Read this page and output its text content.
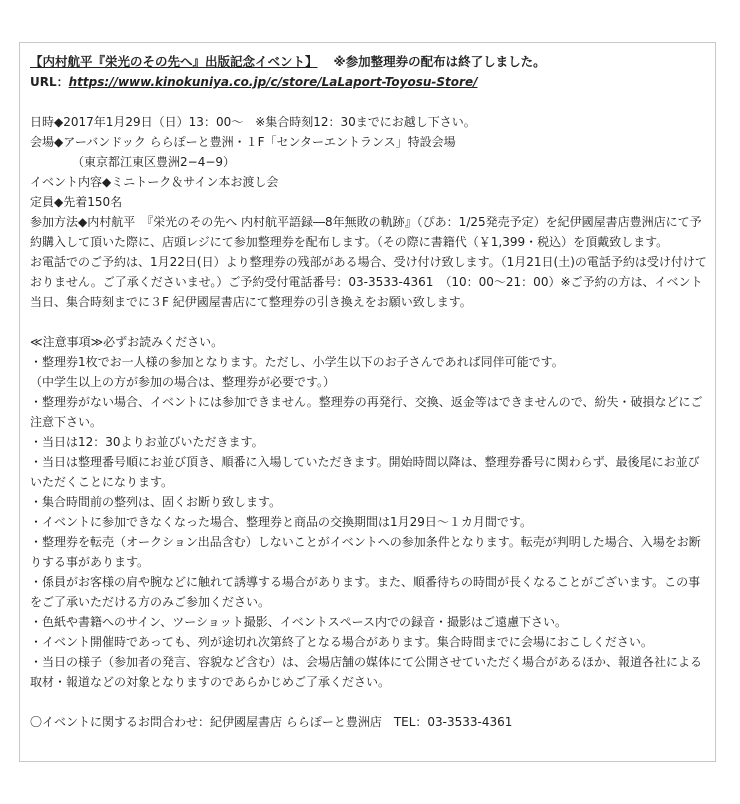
【内村航平『栄光のその先へ』出版記念イベント】 ※参加整理券の配布は終了しました。
URL：https://www.kinokuniya.co.jp/c/store/LaLaport-Toyosu-Store/
日時◆2017年1月29日（日）13：00～　※集合時刻12：30までにお越し下さい。
会場◆アーバンドック ららぽーと豊洲・１F「センターエントランス」特設会場
（東京都江東区豊洲2−4−9）
イベント内容◆ミニトーク＆サイン本お渡し会
定員◆先着150名
参加方法◆内村航平　『栄光のその先へ 内村航平語録―8年無敗の軌跡』（ぴあ：1/25発売予定）を紀伊國屋書店豊洲店にて予約購入して頂いた際に、店頭レジにて参加整理券を配布します。（その際に書籍代（￥1,399・税込）を頂戴致します。
お電話でのご予約は、1月22日(日）より整理券の残部がある場合、受け付け致します。（1月21日(土)の電話予約は受け付けておりません。ご了承くださいませ。）ご予約受付電話番号：03-3533-4361　（10：00～21：00）※ご予約の方は、イベント当日、集合時刻までに３F 紀伊國屋書店にて整理券の引き換えをお願い致します。
≪注意事項≫必ずお読みください。
・整理券1枚でお一人様の参加となります。ただし、小学生以下のお子さんであれば同伴可能です。
（中学生以上の方が参加の場合は、整理券が必要です。）
・整理券がない場合、イベントには参加できません。整理券の再発行、交換、返金等はできませんので、紛失・破損などにご注意下さい。
・当日は12：30よりお並びいただきます。
・当日は整理番号順にお並び頂き、順番に入場していただきます。開始時間以降は、整理券番号に関わらず、最後尾にお並びいただくことになります。
・集合時間前の整列は、固くお断り致します。
・イベントに参加できなくなった場合、整理券と商品の交換期間は1月29日～１カ月間です。
・整理券を転売（オークション出品含む）しないことがイベントへの参加条件となります。転売が判明した場合、入場をお断りする事があります。
・係員がお客様の肩や腕などに触れて誘導する場合があります。また、順番待ちの時間が長くなることがございます。この事をご了承いただける方のみご参加ください。
・色紙や書籍へのサイン、ツーショット撮影、イベントスペース内での録音・撮影はご遠慮下さい。
・イベント開催時であっても、列が途切れ次第終了となる場合があります。集合時間までに会場におこしください。
・当日の様子（参加者の発言、容貌など含む）は、会場店舗の媒体にて公開させていただく場合があるほか、報道各社による取材・報道などの対象となりますのであらかじめご了承ください。
〇イベントに関するお問合わせ：紀伊國屋書店 ららぽーと豊洲店　TEL：03-3533-4361
